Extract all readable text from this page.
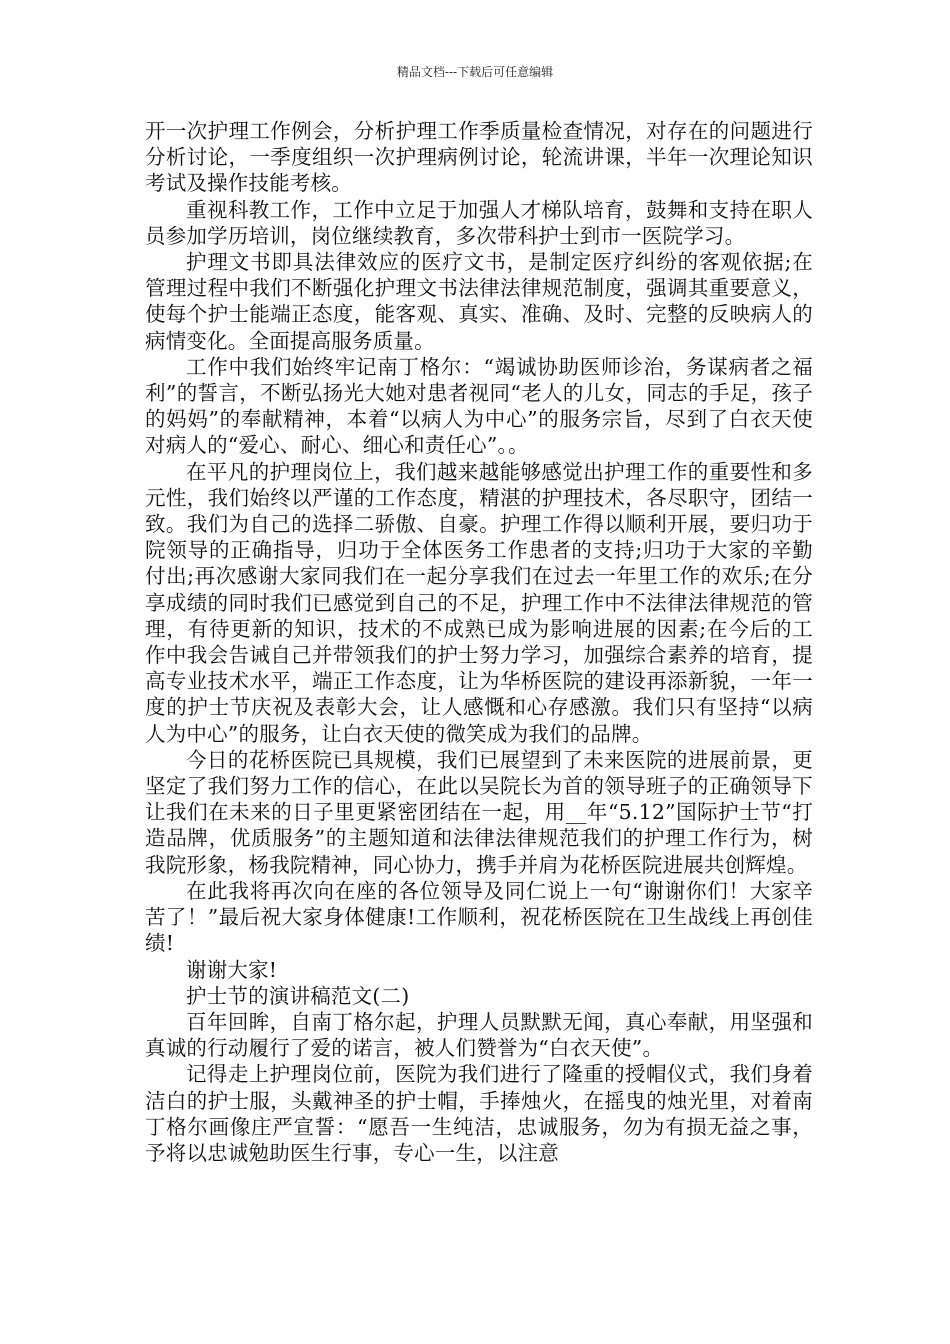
精品文档---下载后可任意编辑

开一次护理工作例会，分析护理工作季质量检查情况，对存在的问题进行分析讨论，一季度组织一次护理病例讨论，轮流讲课，半年一次理论知识考试及操作技能考核。

重视科教工作，工作中立足于加强人才梯队培育，鼓舞和支持在职人员参加学历培训，岗位继续教育，多次带科护士到市一医院学习。

护理文书即具法律效应的医疗文书，是制定医疗纠纷的客观依据;在管理过程中我们不断强化护理文书法律法律规范制度，强调其重要意义，使每个护士能端正态度，能客观、真实、准确、及时、完整的反映病人的病情变化。全面提高服务质量。

工作中我们始终牢记南丁格尔：“竭诚协助医师诊治，务谋病者之福利”的誓言，不断弘扬光大她对患者视同“老人的儿女，同志的手足，孩子的妈妈”的奉献精神，本着“以病人为中心”的服务宗旨，尽到了白衣天使对病人的“爱心、耐心、细心和责任心”。。

在平凡的护理岗位上，我们越来越能够感觉出护理工作的重要性和多元性，我们始终以严谨的工作态度，精湛的护理技术，各尽职守，团结一致。我们为自己的选择二骄傲、自豪。护理工作得以顺利开展，要归功于院领导的正确指导，归功于全体医务工作患者的支持;归功于大家的辛勤付出;再次感谢大家同我们在一起分享我们在过去一年里工作的欢乐;在分享成绩的同时我们已感觉到自己的不足，护理工作中不法律法律规范的管理，有待更新的知识，技术的不成熟已成为影响进展的因素;在今后的工作中我会告诫自己并带领我们的护士努力学习，加强综合素养的培育，提高专业技术水平，端正工作态度，让为华桥医院的建设再添新貌，一年一度的护士节庆祝及表彰大会，让人感慨和心存感激。我们只有坚持“以病人为中心”的服务，让白衣天使的微笑成为我们的品牌。

今日的花桥医院已具规模，我们已展望到了未来医院的进展前景，更坚定了我们努力工作的信心，在此以吴院长为首的领导班子的正确领导下让我们在未来的日子里更紧密团结在一起，用__年“5.12”国际护士节“打造品牌，优质服务”的主题知道和法律法律规范我们的护理工作行为，树我院形象，杨我院精神，同心协力，携手并肩为花桥医院进展共创辉煌。

在此我将再次向在座的各位领导及同仁说上一句“谢谢你们！大家辛苦了！”最后祝大家身体健康!工作顺利，祝花桥医院在卫生战线上再创佳绩!

谢谢大家!

护士节的演讲稿范文(二)

百年回眸，自南丁格尔起，护理人员默默无闻，真心奉献，用坚强和真诚的行动履行了爱的诺言，被人们赞誉为“白衣天使”。

记得走上护理岗位前，医院为我们进行了隆重的授帽仪式，我们身着洁白的护士服，头戴神圣的护士帽，手捧烛火，在摇曳的烛光里，对着南丁格尔画像庄严宣誓：“愿吾一生纯洁，忠诚服务，勿为有损无益之事，予将以忠诚勉助医生行事，专心一生，以注意
